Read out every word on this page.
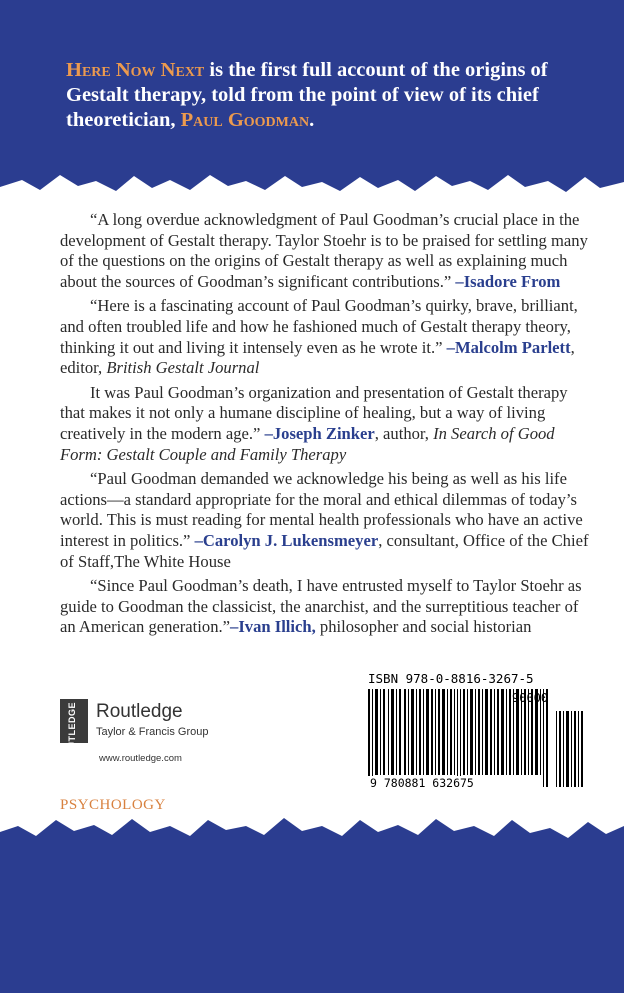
Here Now Next is the first full account of the origins of Gestalt therapy, told from the point of view of its chief theoretician, Paul Goodman.

“A long overdue acknowledgment of Paul Goodman’s crucial place in the development of Gestalt therapy. Taylor Stoehr is to be praised for settling many of the questions on the origins of Gestalt therapy as well as explaining much about the sources of Goodman’s significant contributions.” –Isadore From

“Here is a fascinating account of Paul Goodman’s quirky, brave, brilliant, and often troubled life and how he fashioned much of Gestalt therapy theory, thinking it out and living it intensely even as he wrote it.” –Malcolm Parlett, editor, British Gestalt Journal

It was Paul Goodman’s organization and presentation of Gestalt therapy that makes it not only a humane discipline of healing, but a way of living creatively in the modern age.” –Joseph Zinker, author, In Search of Good Form: Gestalt Couple and Family Therapy

“Paul Goodman demanded we acknowledge his being as well as his life actions—a standard appropriate for the moral and ethical dilemmas of today’s world. This is must reading for mental health professionals who have an active interest in politics.” –Carolyn J. Lukensmeyer, consultant, Office of the Chief of Staff,The White House

“Since Paul Goodman’s death, I have entrusted myself to Taylor Stoehr as guide to Goodman the classicist, the anarchist, and the surreptitious teacher of an American generation.”–Ivan Illich, philosopher and social historian

ROUTLEDGE Routledge
Taylor & Francis Group
www.routledge.com
PSYCHOLOGY
ISBN 978-0-8816-3267-5
90000
9 780881 632675
